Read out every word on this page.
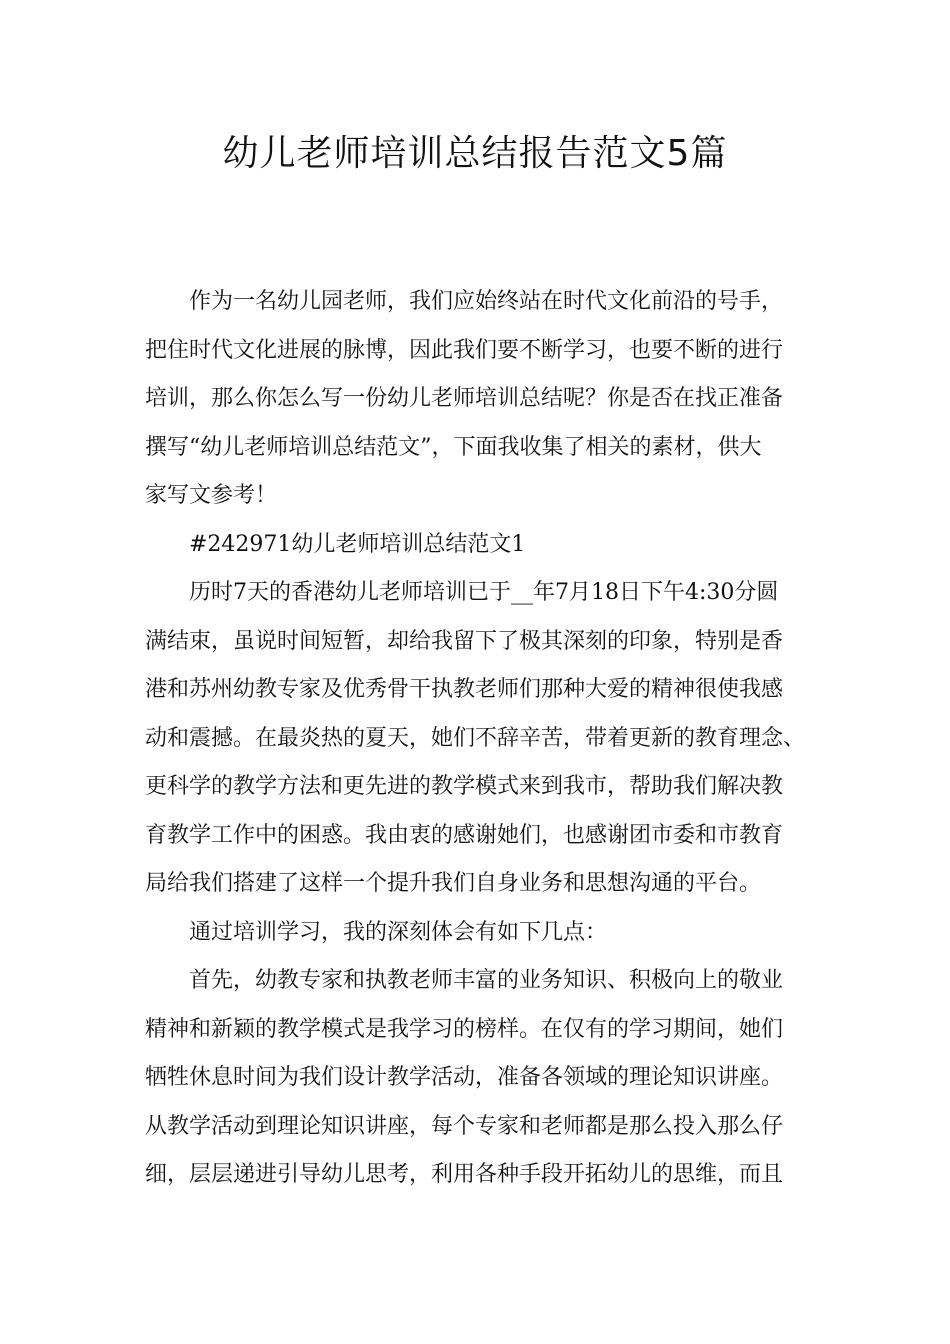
幼儿老师培训总结报告范文5篇

作为一名幼儿园老师，我们应始终站在时代文化前沿的号手，
把住时代文化进展的脉博，因此我们要不断学习，也要不断的进行
培训，那么你怎么写一份幼儿老师培训总结呢？你是否在找正准备
撰写“幼儿老师培训总结范文”，下面我收集了相关的素材，供大
家写文参考！

#242971幼儿老师培训总结范文1

历时7天的香港幼儿老师培训已于__年7月18日下午4:30分圆
满结束，虽说时间短暂，却给我留下了极其深刻的印象，特别是香
港和苏州幼教专家及优秀骨干执教老师们那种大爱的精神很使我感
动和震撼。在最炎热的夏天，她们不辞辛苦，带着更新的教育理念、
更科学的教学方法和更先进的教学模式来到我市，帮助我们解决教
育教学工作中的困惑。我由衷的感谢她们，也感谢团市委和市教育
局给我们搭建了这样一个提升我们自身业务和思想沟通的平台。

通过培训学习，我的深刻体会有如下几点：

首先，幼教专家和执教老师丰富的业务知识、积极向上的敬业
精神和新颖的教学模式是我学习的榜样。在仅有的学习期间，她们
牺牲休息时间为我们设计教学活动，准备各领域的理论知识讲座。
从教学活动到理论知识讲座，每个专家和老师都是那么投入那么仔
细，层层递进引导幼儿思考，利用各种手段开拓幼儿的思维，而且
